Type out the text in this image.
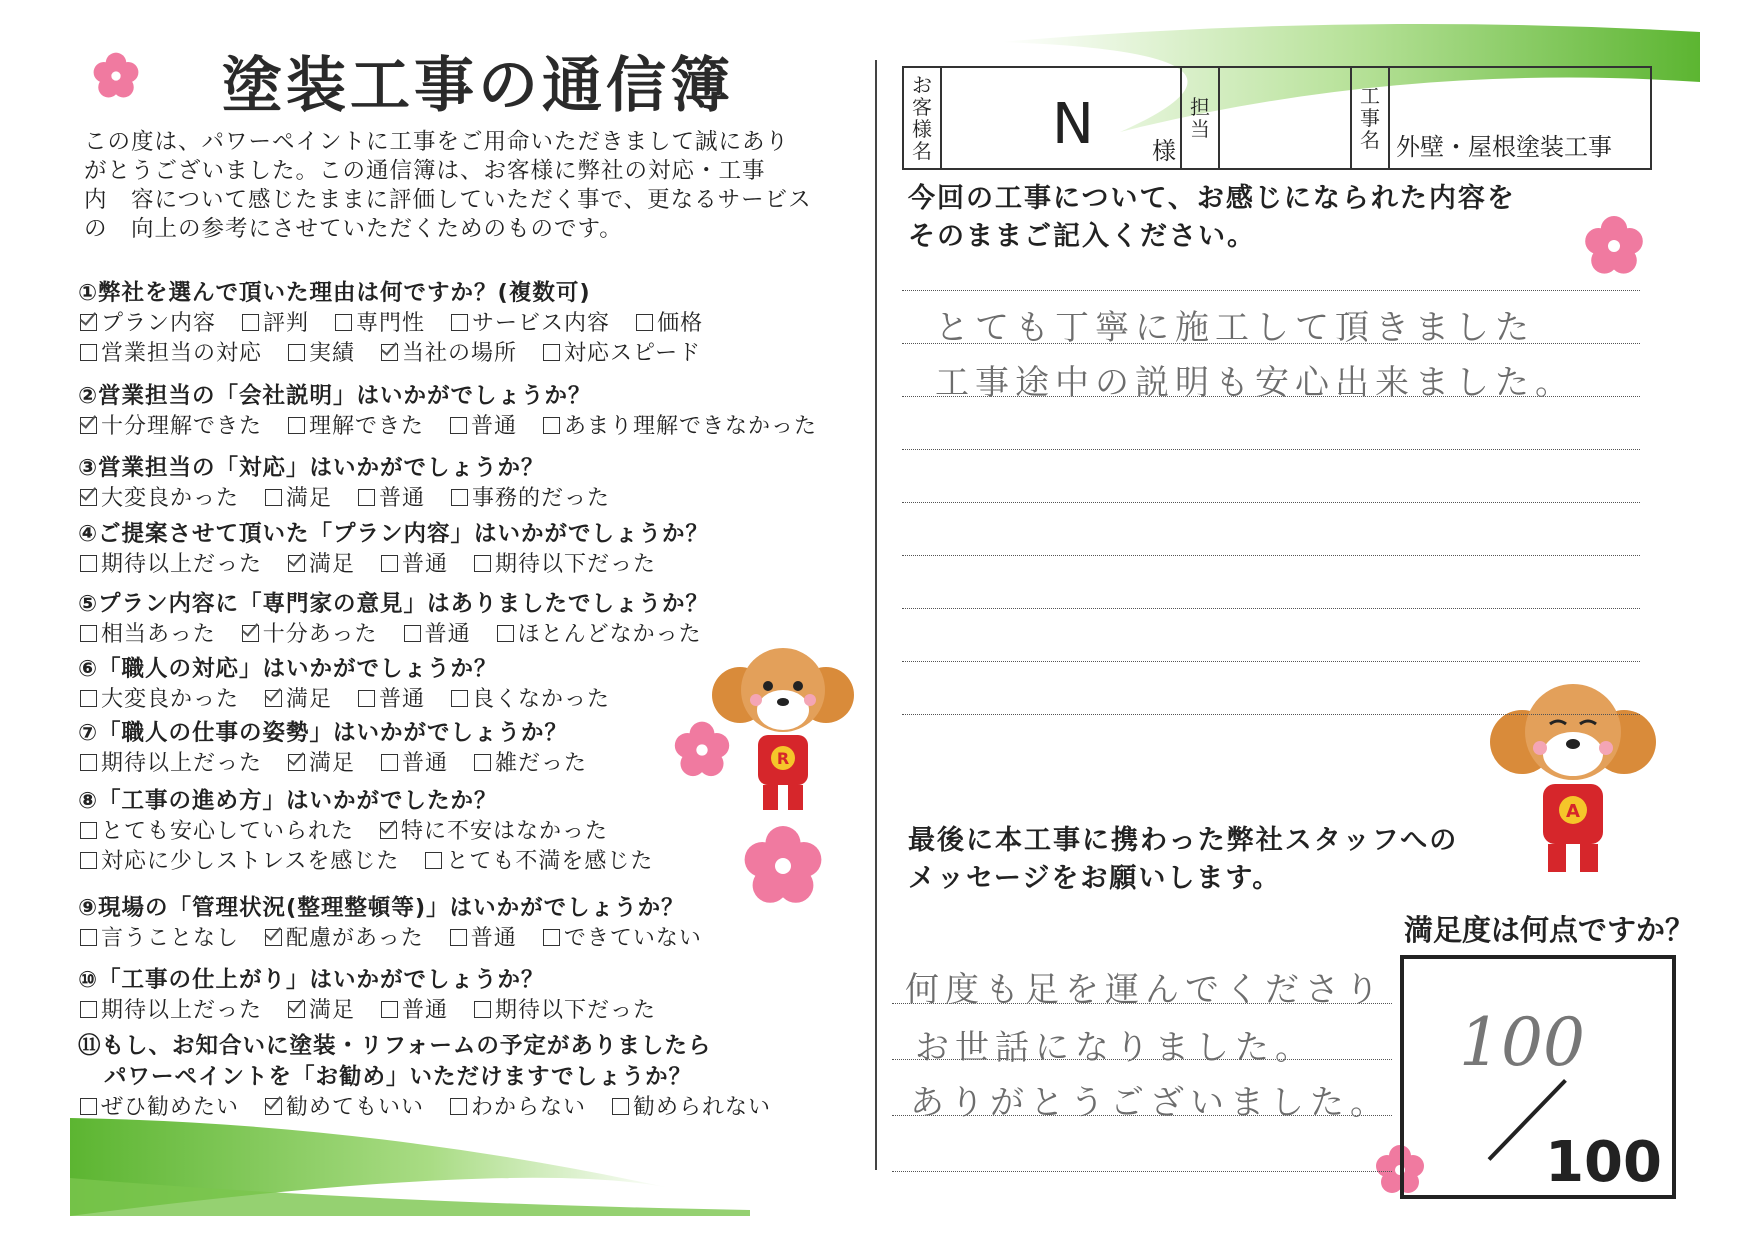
R
A
塗装工事の通信簿
この度は、パワーペイントに工事をご用命いただきまして誠にあり
がとうございました。この通信簿は、お客様に弊社の対応・工事
内　容について感じたままに評価していただく事で、更なるサービス
の　向上の参考にさせていただくためのものです。
①弊社を選んで頂いた理由は何ですか？(複数可)
プラン内容 評判 専門性 サービス内容 価格
営業担当の対応 実績 当社の場所 対応スピード
②営業担当の「会社説明」はいかがでしょうか？
十分理解できた 理解できた 普通 あまり理解できなかった
③営業担当の「対応」はいかがでしょうか？
大変良かった 満足 普通 事務的だった
④ご提案させて頂いた「プラン内容」はいかがでしょうか？
期待以上だった 満足 普通 期待以下だった
⑤プラン内容に「専門家の意見」はありましたでしょうか？
相当あった 十分あった 普通 ほとんどなかった
⑥「職人の対応」はいかがでしょうか？
大変良かった 満足 普通 良くなかった
⑦「職人の仕事の姿勢」はいかがでしょうか？
期待以上だった 満足 普通 雑だった
⑧「工事の進め方」はいかがでしたか？
とても安心していられた 特に不安はなかった
対応に少しストレスを感じた とても不満を感じた
⑨現場の「管理状況(整理整頓等)」はいかがでしょうか？
言うことなし 配慮があった 普通 できていない
⑩「工事の仕上がり」はいかがでしょうか？
期待以上だった 満足 普通 期待以下だった
⑪もし、お知合いに塗装・リフォームの予定がありましたら
パワーペイントを「お勧め」いただけますでしょうか？
ぜひ勧めたい 勧めてもいい わからない 勧められない
お客様名	N 様
	担当		工事名	外壁・屋根塗装工事
今回の工事について、お感じになられた内容を
そのままご記入ください。
とても丁寧に施工して頂きました
工事途中の説明も安心出来ました。
最後に本工事に携わった弊社スタッフへの
メッセージをお願いします。
何度も足を運んでくださり
お世話になりました。
ありがとうございました。
満足度は何点ですか？
100
100
